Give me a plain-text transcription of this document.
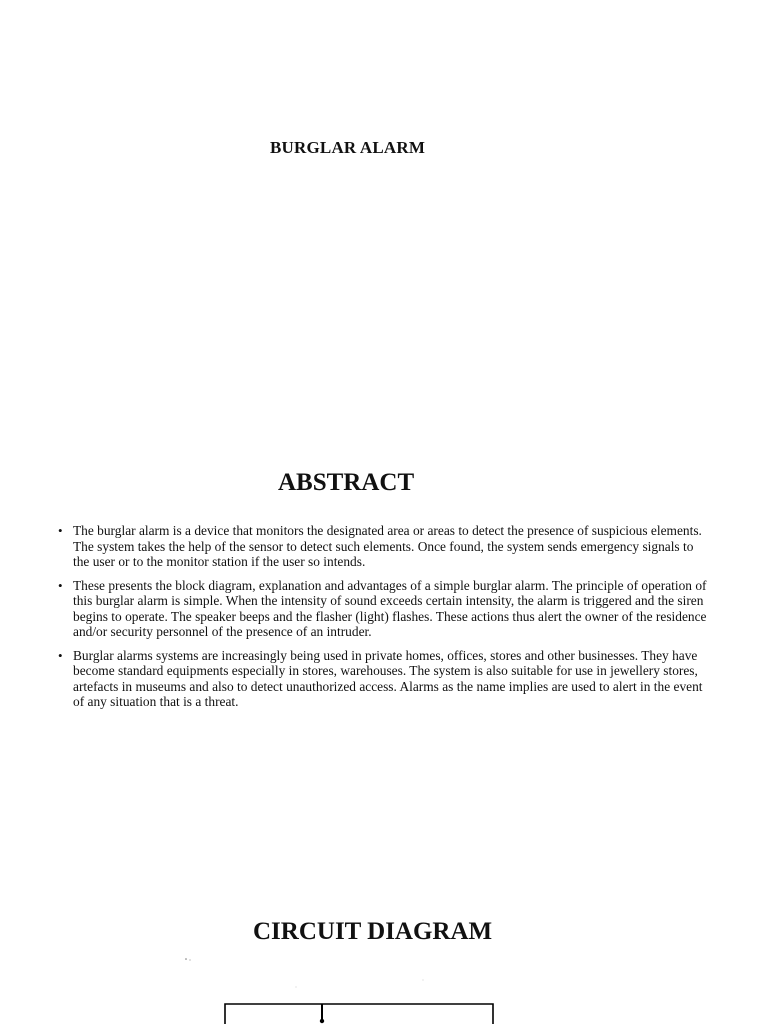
BURGLAR ALARM
ABSTRACT
• The burglar alarm is a device that monitors the designated area or areas to detect the presence of suspicious elements. The system takes the help of the sensor to detect such elements. Once found, the system sends emergency signals to the user or to the monitor station if the user so intends.
• These presents the block diagram, explanation and advantages of a simple burglar alarm. The principle of operation of this burglar alarm is simple. When the intensity of sound exceeds certain intensity, the alarm is triggered and the siren begins to operate. The speaker beeps and the flasher (light) flashes. These actions thus alert the owner of the residence and/or security personnel of the presence of an intruder.
• Burglar alarms systems are increasingly being used in private homes, offices, stores and other businesses. They have become standard equipments especially in stores, warehouses. The system is also suitable for use in jewellery stores, artefacts in museums and also to detect unauthorized access. Alarms as the name implies are used to alert in the event of any situation that is a threat.
CIRCUIT DIAGRAM
